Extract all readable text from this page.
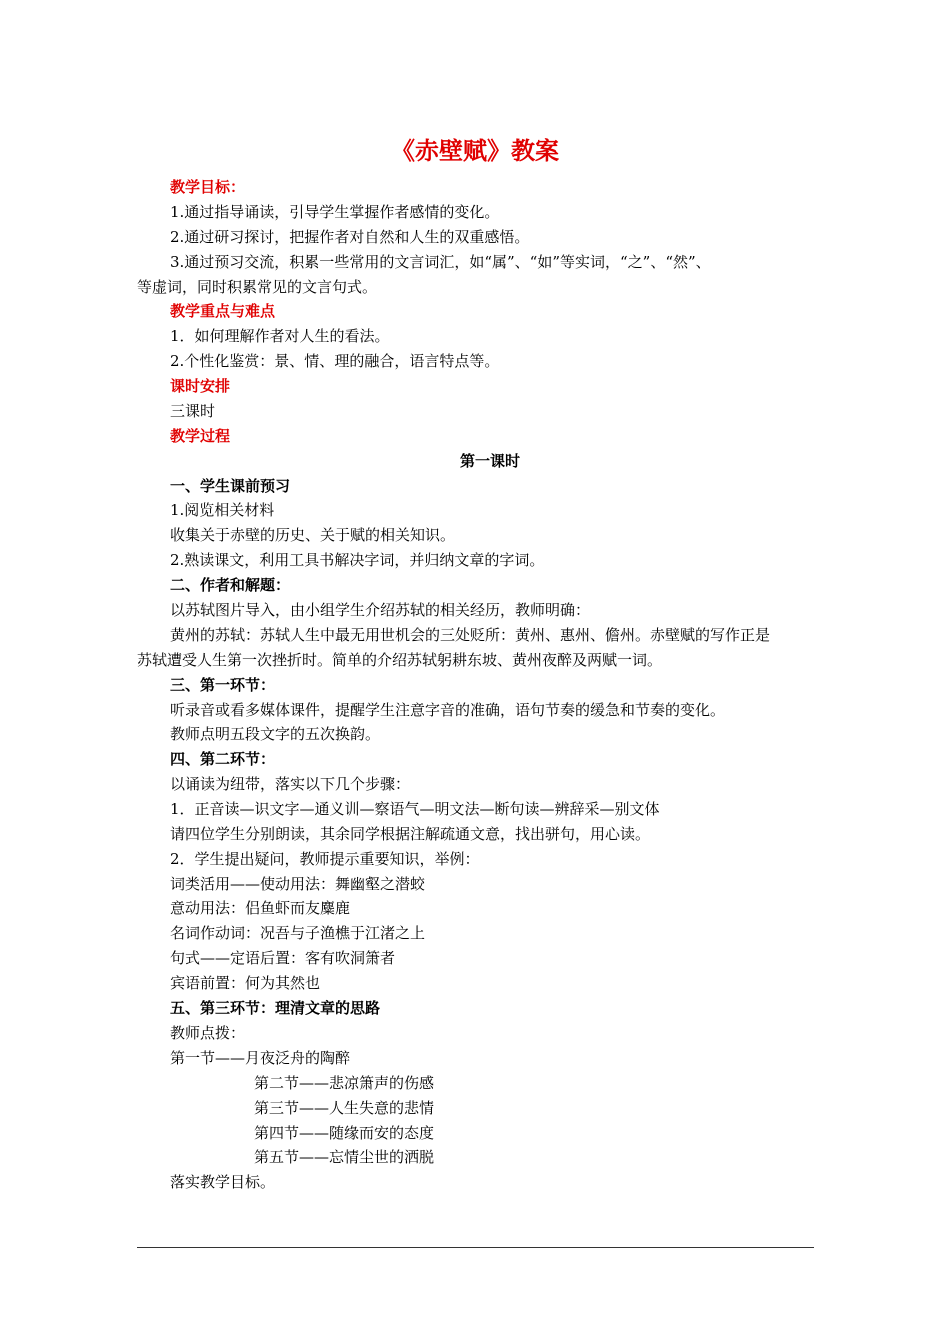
《赤壁赋》教案
教学目标：
1.通过指导诵读，引导学生掌握作者感情的变化。
2.通过研习探讨，把握作者对自然和人生的双重感悟。
3.通过预习交流，积累一些常用的文言词汇，如“属”、“如”等实词，“之”、“然”、
等虚词，同时积累常见的文言句式。
教学重点与难点
1．如何理解作者对人生的看法。
2.个性化鉴赏：景、情、理的融合，语言特点等。
课时安排
三课时
教学过程
第一课时
一、学生课前预习
1.阅览相关材料
收集关于赤壁的历史、关于赋的相关知识。
2.熟读课文，利用工具书解决字词，并归纳文章的字词。
二、作者和解题：
以苏轼图片导入，由小组学生介绍苏轼的相关经历，教师明确：
黄州的苏轼：苏轼人生中最无用世机会的三处贬所：黄州、惠州、儋州。赤壁赋的写作正是
苏轼遭受人生第一次挫折时。简单的介绍苏轼躬耕东坡、黄州夜醉及两赋一词。
三、第一环节：
听录音或看多媒体课件，提醒学生注意字音的准确，语句节奏的缓急和节奏的变化。
教师点明五段文字的五次换韵。
四、第二环节：
以诵读为纽带，落实以下几个步骤：
1．正音读—识文字—通义训—察语气—明文法—断句读—辨辞采—别文体
请四位学生分别朗读，其余同学根据注解疏通文意，找出骈句，用心读。
2．学生提出疑问，教师提示重要知识，举例：
词类活用——使动用法：舞幽壑之潜蛟
意动用法：侣鱼虾而友麋鹿
名词作动词：况吾与子渔樵于江渚之上
句式——定语后置：客有吹洞箫者
宾语前置：何为其然也
五、第三环节：理清文章的思路
教师点拨：
第一节——月夜泛舟的陶醉
第二节——悲凉箫声的伤感
第三节——人生失意的悲情
第四节——随缘而安的态度
第五节——忘情尘世的洒脱
落实教学目标。
